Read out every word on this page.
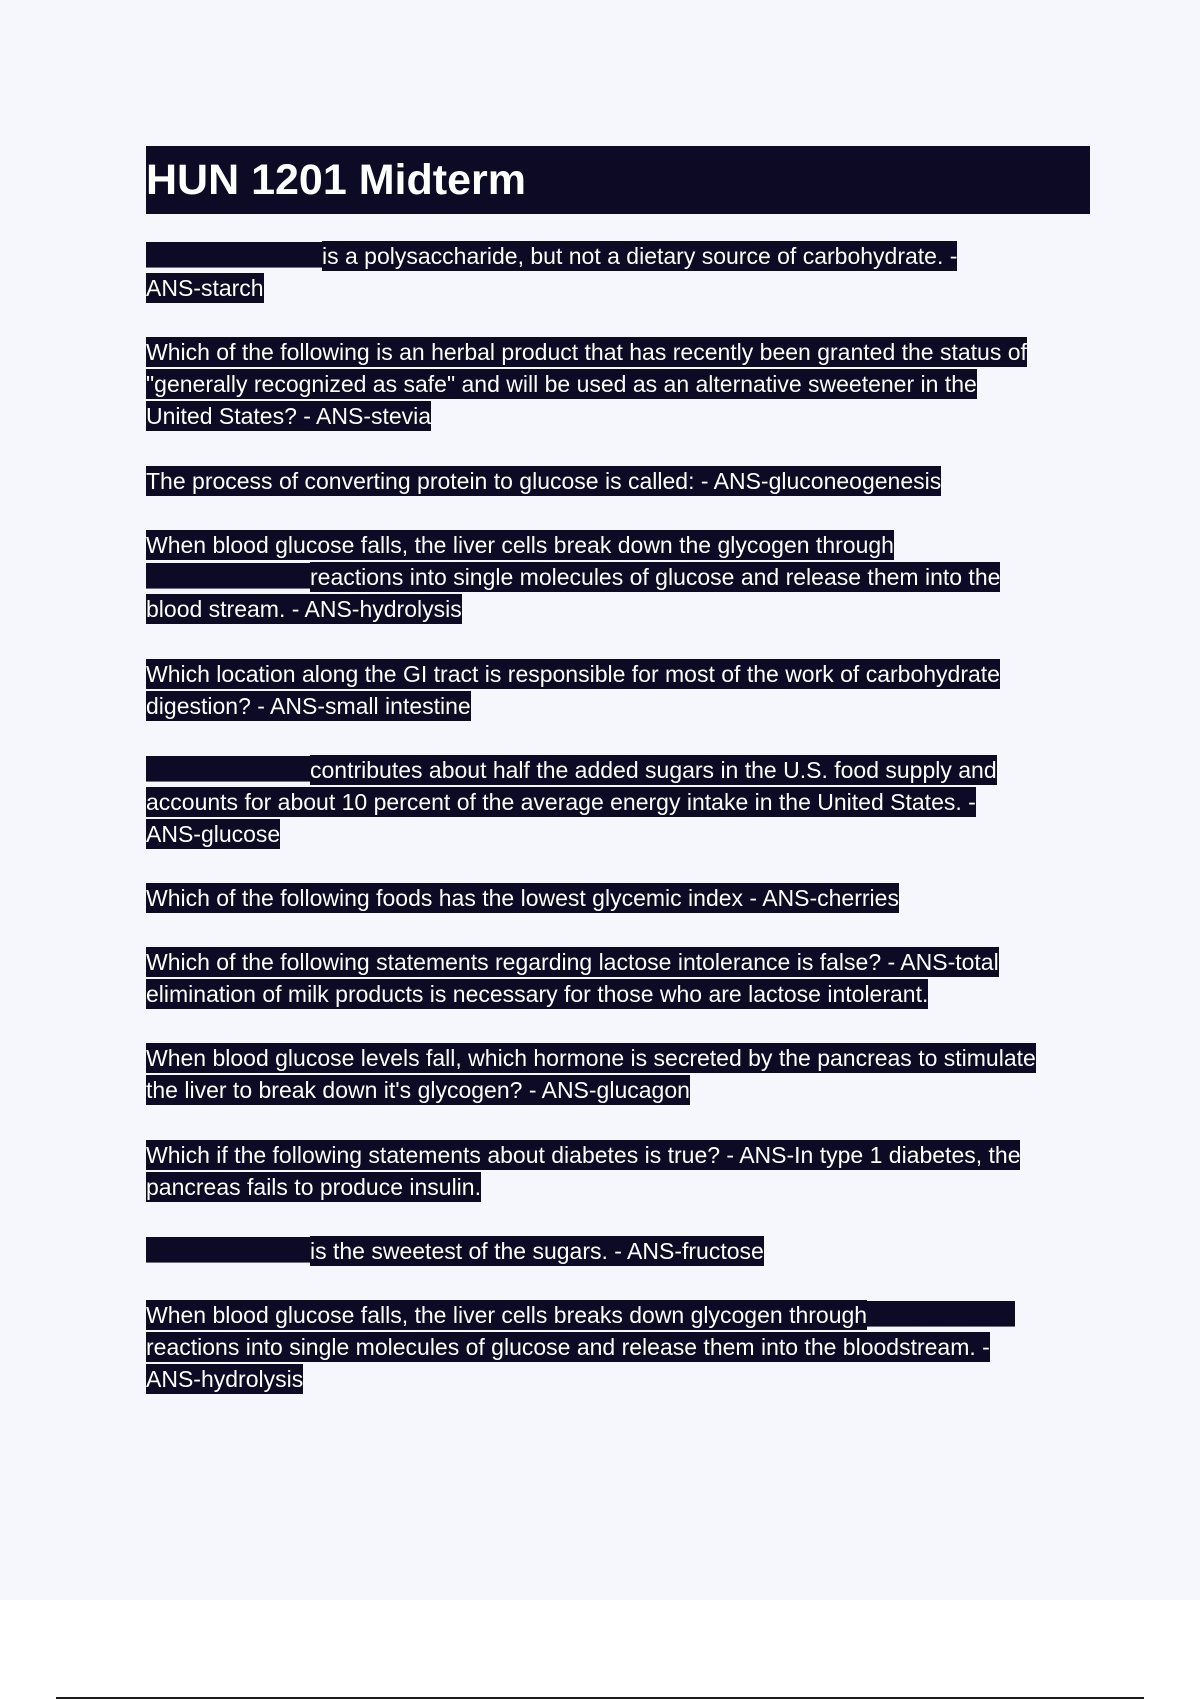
HUN 1201 Midterm
is a polysaccharide, but not a dietary source of carbohydrate. -
ANS-starch
Which of the following is an herbal product that has recently been granted the status of
"generally recognized as safe" and will be used as an alternative sweetener in the
United States? - ANS-stevia
The process of converting protein to glucose is called: - ANS-gluconeogenesis
When blood glucose falls, the liver cells break down the glycogen through
reactions into single molecules of glucose and release them into the
blood stream. - ANS-hydrolysis
Which location along the GI tract is responsible for most of the work of carbohydrate
digestion? - ANS-small intestine
contributes about half the added sugars in the U.S. food supply and
accounts for about 10 percent of the average energy intake in the United States. -
ANS-glucose
Which of the following foods has the lowest glycemic index - ANS-cherries
Which of the following statements regarding lactose intolerance is false? - ANS-total
elimination of milk products is necessary for those who are lactose intolerant.
When blood glucose levels fall, which hormone is secreted by the pancreas to stimulate
the liver to break down it's glycogen? - ANS-glucagon
Which if the following statements about diabetes is true? - ANS-In type 1 diabetes, the
pancreas fails to produce insulin.
is the sweetest of the sugars. - ANS-fructose
When blood glucose falls, the liver cells breaks down glycogen through
reactions into single molecules of glucose and release them into the bloodstream. -
ANS-hydrolysis
